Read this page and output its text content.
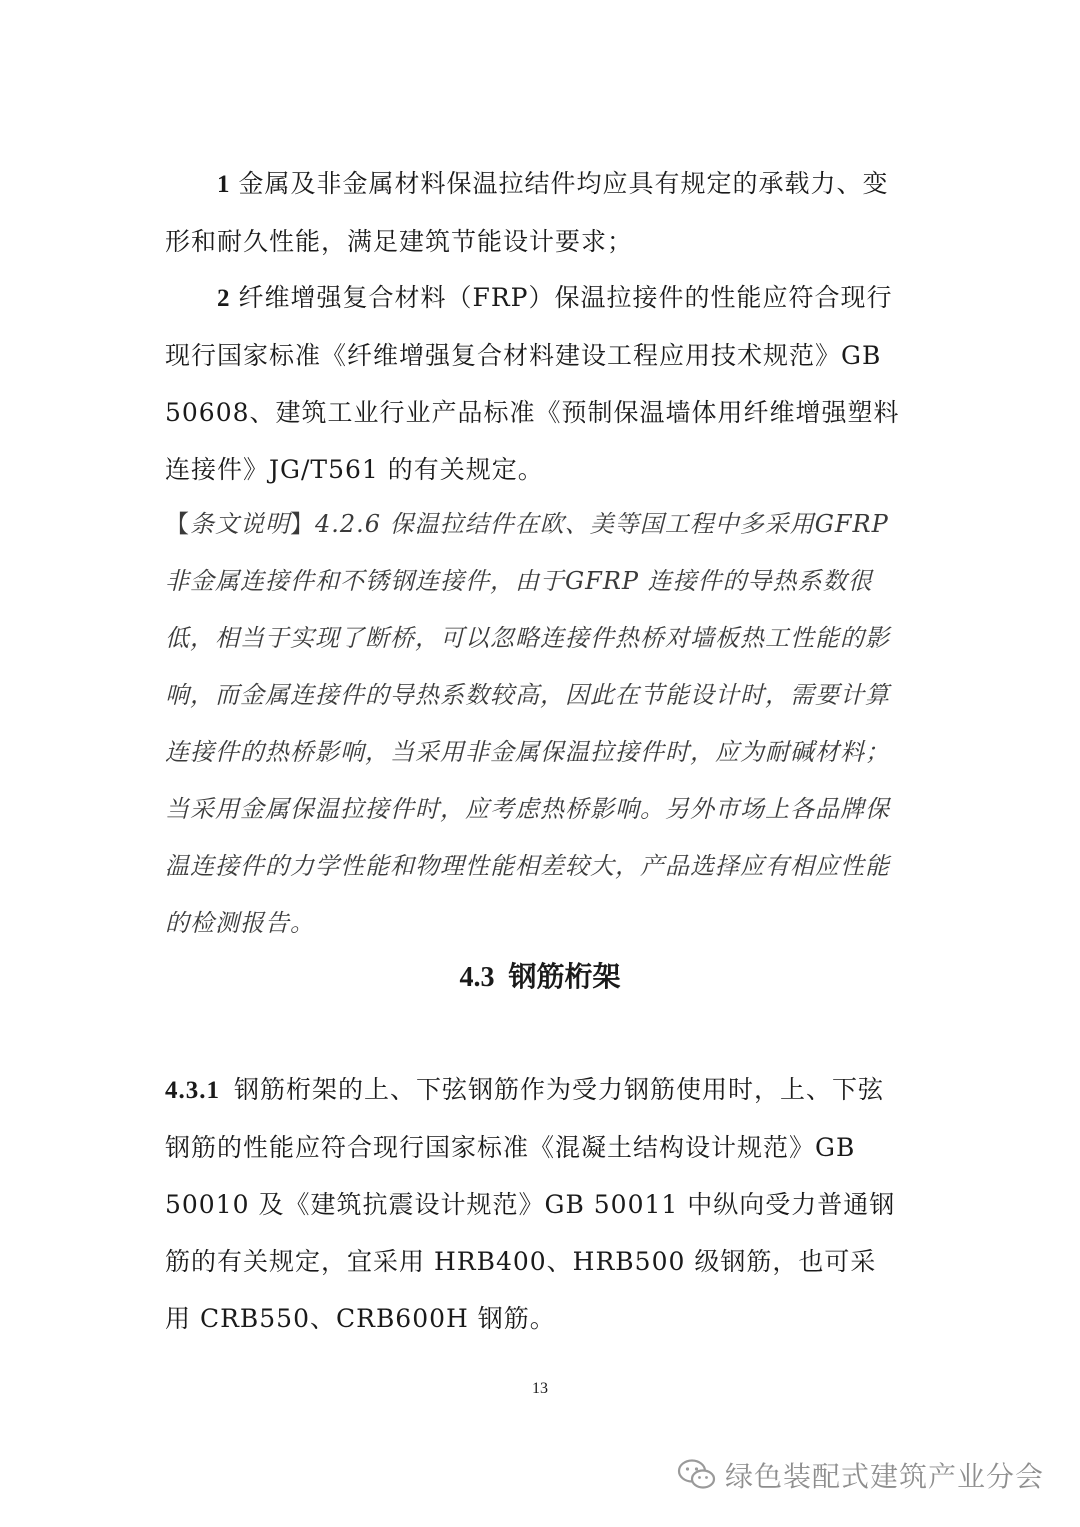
1 金属及非金属材料保温拉结件均应具有规定的承载力、变形和耐久性能，满足建筑节能设计要求；

2 纤维增强复合材料（FRP）保温拉接件的性能应符合现行现行国家标准《纤维增强复合材料建设工程应用技术规范》GB 50608、建筑工业行业产品标准《预制保温墙体用纤维增强塑料连接件》JG/T561 的有关规定。

【条文说明】4.2.6 保温拉结件在欧、美等国工程中多采用GFRP 非金属连接件和不锈钢连接件，由于GFRP 连接件的导热系数很低，相当于实现了断桥，可以忽略连接件热桥对墙板热工性能的影响，而金属连接件的导热系数较高，因此在节能设计时，需要计算连接件的热桥影响，当采用非金属保温拉接件时，应为耐碱材料；当采用金属保温拉接件时，应考虑热桥影响。另外市场上各品牌保温连接件的力学性能和物理性能相差较大，产品选择应有相应性能的检测报告。

4.3 钢筋桁架

4.3.1 钢筋桁架的上、下弦钢筋作为受力钢筋使用时，上、下弦钢筋的性能应符合现行国家标准《混凝土结构设计规范》GB 50010 及《建筑抗震设计规范》GB 50011 中纵向受力普通钢筋的有关规定，宜采用 HRB400、HRB500 级钢筋，也可采用 CRB550、CRB600H 钢筋。

13
绿色装配式建筑产业分会
